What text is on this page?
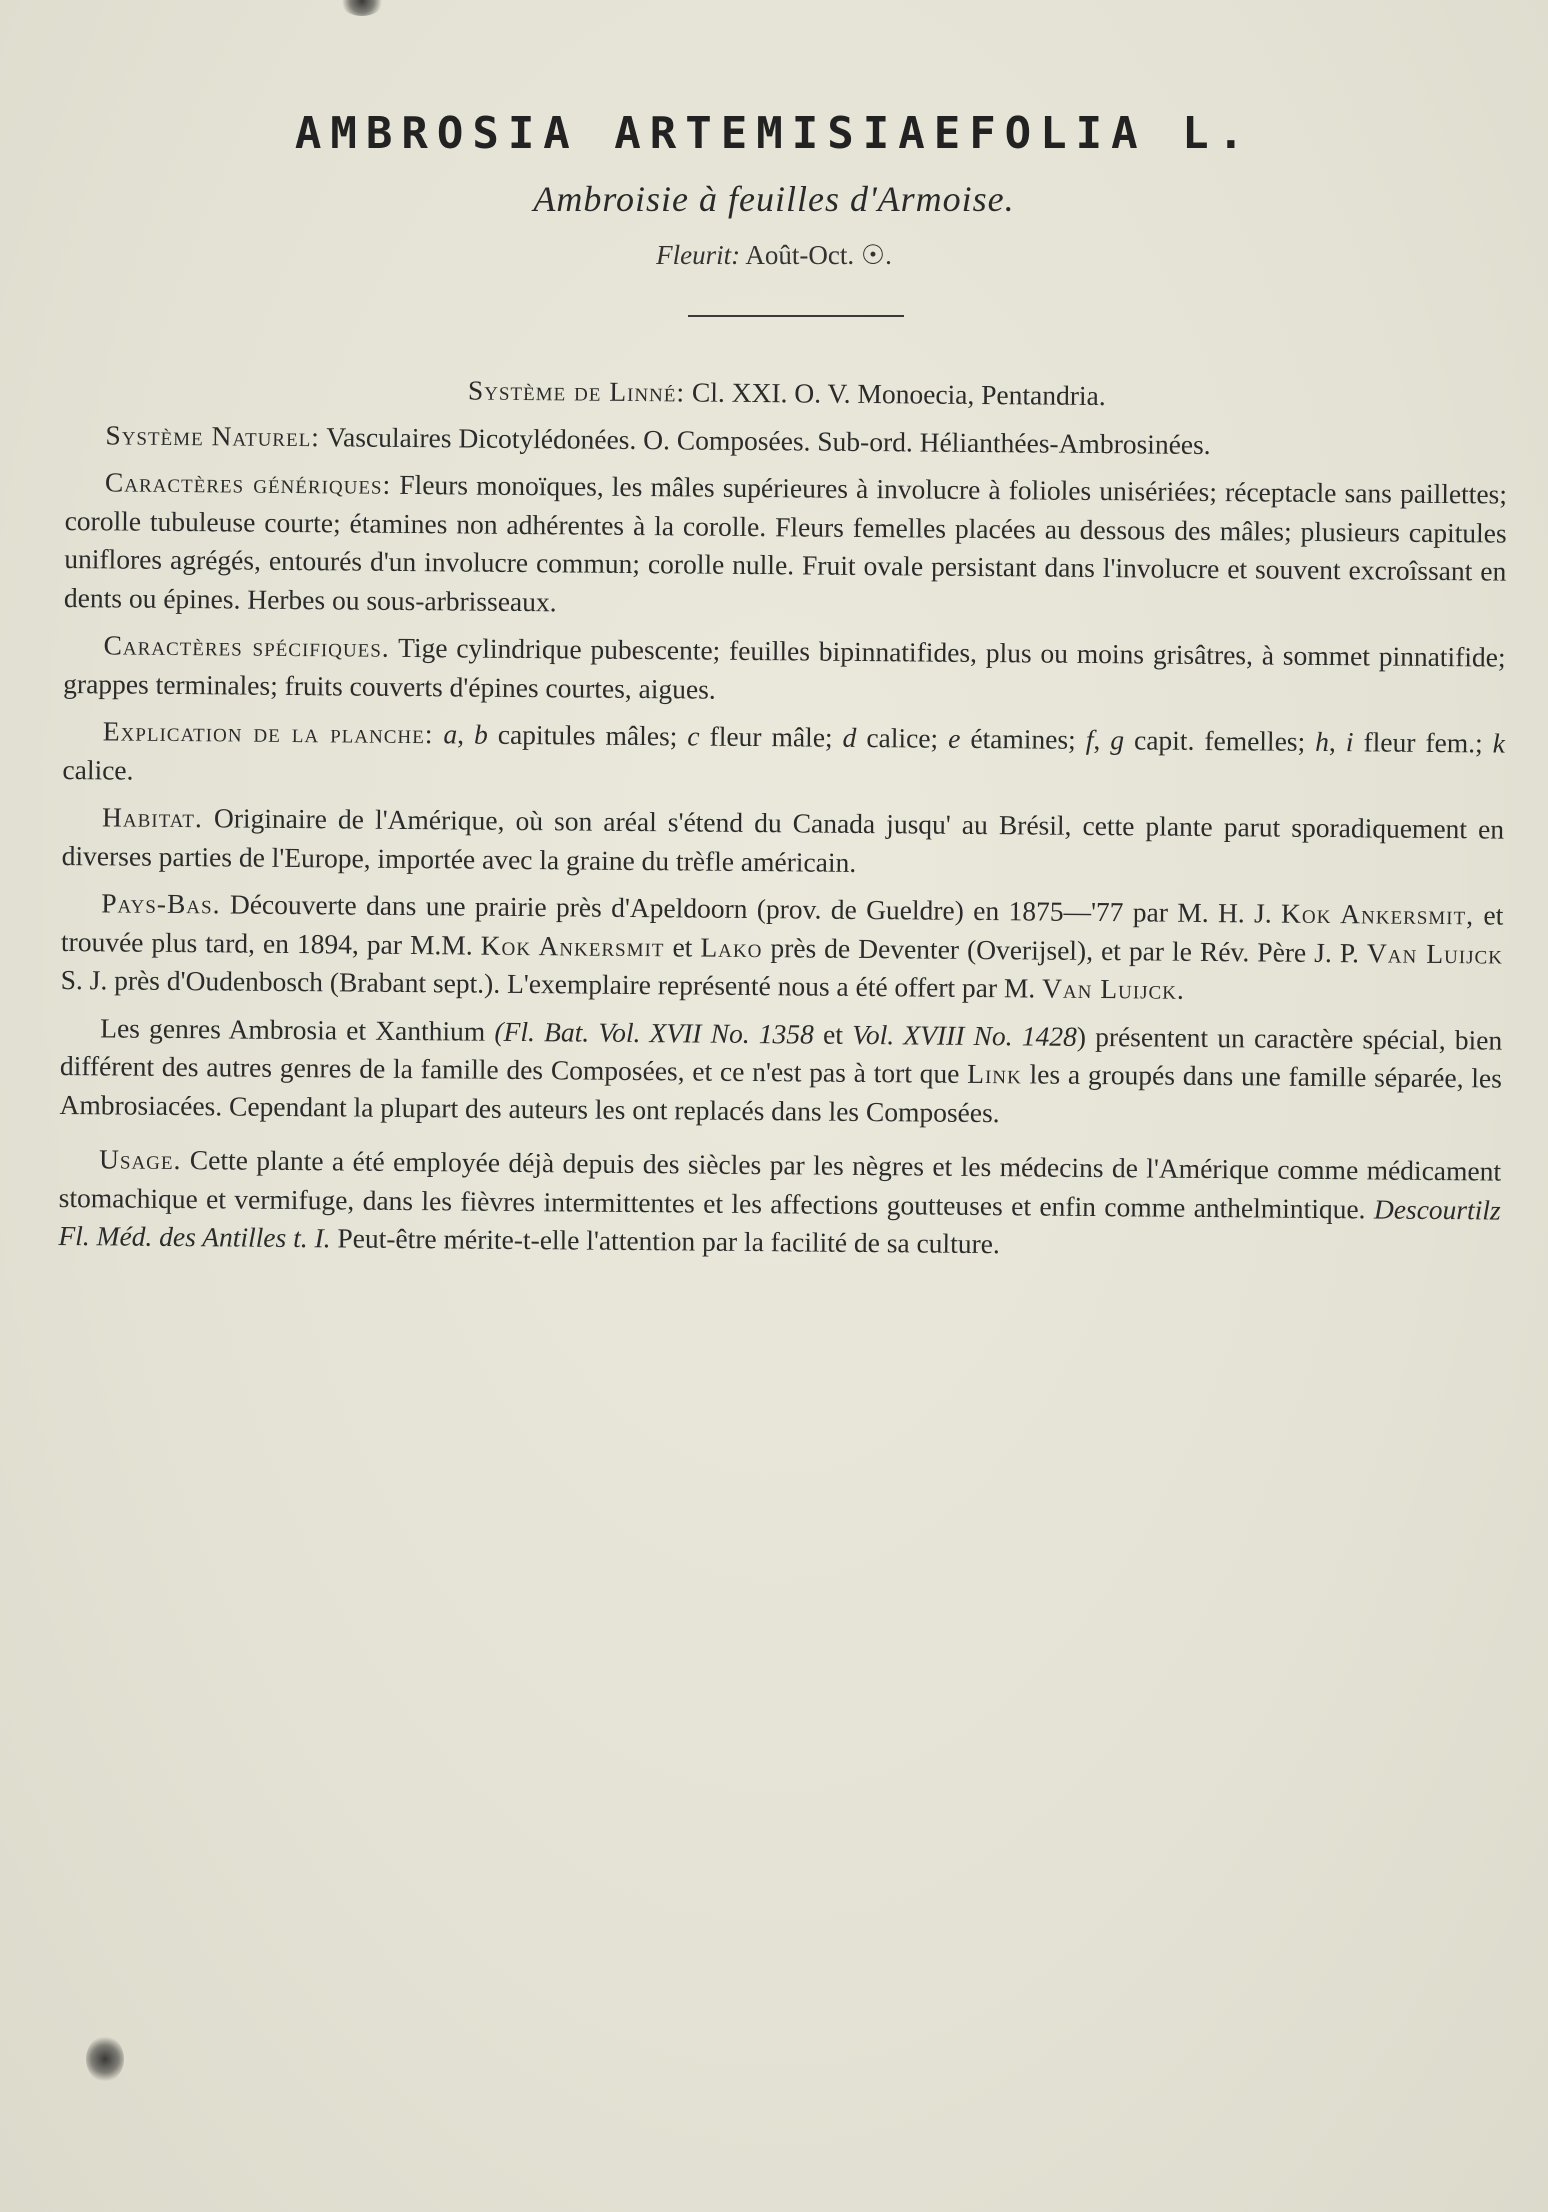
AMBROSIA ARTEMISIAEFOLIA L.
Ambroisie à feuilles d'Armoise.
Fleurit: Août-Oct. ☉.

Système de Linné: Cl. XXI. O. V. Monoecia, Pentandria.

Système Naturel: Vasculaires Dicotylédonées. O. Composées. Sub-ord. Hélianthées-Ambrosinées.

Caractères génériques: Fleurs monoïques, les mâles supérieures à involucre à folioles unisériées; réceptacle sans paillettes; corolle tubuleuse courte; étamines non adhérentes à la corolle. Fleurs femelles placées au dessous des mâles; plusieurs capitules uniflores agrégés, entourés d'un involucre commun; corolle nulle. Fruit ovale persistant dans l'involucre et souvent excroîssant en dents ou épines. Herbes ou sous-arbrisseaux.

Caractères spécifiques. Tige cylindrique pubescente; feuilles bipinnatifides, plus ou moins grisâtres, à sommet pinnatifide; grappes terminales; fruits couverts d'épines courtes, aigues.

Explication de la planche: a, b capitules mâles; c fleur mâle; d calice; e étamines; f, g capit. femelles; h, i fleur fem.; k calice.

Habitat. Originaire de l'Amérique, où son aréal s'étend du Canada jusqu' au Brésil, cette plante parut sporadiquement en diverses parties de l'Europe, importée avec la graine du trèfle américain.

Pays-Bas. Découverte dans une prairie près d'Apeldoorn (prov. de Gueldre) en 1875—'77 par M. H. J. Kok Ankersmit, et trouvée plus tard, en 1894, par M.M. Kok Ankersmit et Lako près de Deventer (Overijsel), et par le Rév. Père J. P. Van Luijck S. J. près d'Oudenbosch (Brabant sept.). L'exemplaire représenté nous a été offert par M. Van Luijck.

Les genres Ambrosia et Xanthium (Fl. Bat. Vol. XVII No. 1358 et Vol. XVIII No. 1428) présentent un caractère spécial, bien différent des autres genres de la famille des Composées, et ce n'est pas à tort que Link les a groupés dans une famille séparée, les Ambrosiacées. Cependant la plupart des auteurs les ont replacés dans les Composées.

Usage. Cette plante a été employée déjà depuis des siècles par les nègres et les médecins de l'Amérique comme médicament stomachique et vermifuge, dans les fièvres intermittentes et les affections goutteuses et enfin comme anthelmintique. Descourtilz Fl. Méd. des Antilles t. I. Peut-être mérite-t-elle l'attention par la facilité de sa culture.
